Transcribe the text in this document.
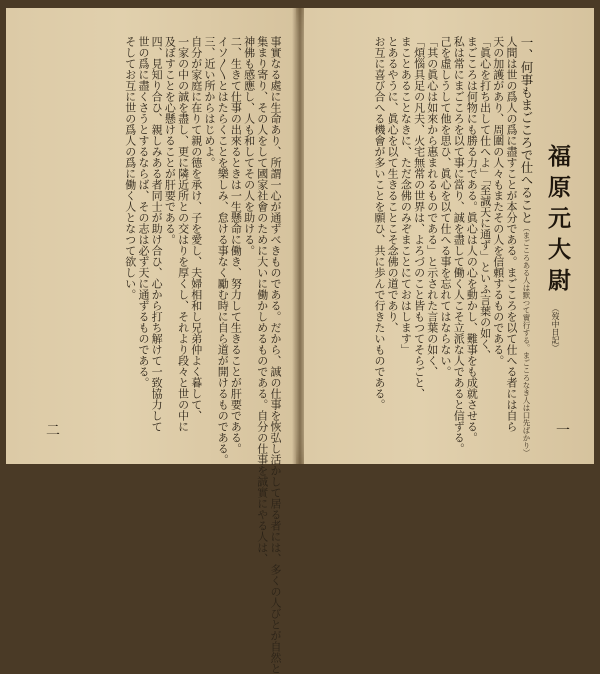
事實なる處に生命あり、所謂一心が通ずべきものである。だから、誠の仕事を恢弘し活かして居る者には、多くの人びとが自然と

集まり寄り、その人をして國家社會のために大いに働かしめるものである。自分の仕事を誠實にやる人は、

神佛も感應し、人も和してその人を助ける。

二、生きて仕事の出來るときは一生懸命に働き、努力して生きることが肝要である。

イソ〳〵とはたらくことを樂しみ、怠ける事なく勵む時に自ら道が開けるものである。

三、近い所からはじめよ。

自分が家庭に在りて親の德を承け、子を愛し、夫婦相和し兄弟仲よく暮して、

一家の中の誠を盡し、更に隣近所との交はりを厚くし、それより段々と世の中に

及ぼすことを心懸けることが肝要である。

四、見知り合ひ、親しみある者同士が助け合ひ、心から打ち解けて一致協力して

世の爲に盡くさうとするならば、その志は必ず天に通ずるものである。

そしてお互に世の爲人の爲に働く人となつて欲しい。

二
福原元大尉
（歿中日記）

一、何事もまごころで仕へること（まごころある人は默つて實行する。まごころなき人は口先ばかり）

人間は世の爲人の爲に盡すことが本分である。まごころを以て仕へる者には自ら

天の加護があり、周圍の人々もまたその人を信頼するものである。

「眞心を打ち出して仕へよ」「至誠天に通ず」といふ言葉の如く、

まごころは何物にも勝る力である。眞心は人の心を動かし、難事をも成就させる。

私は常にまごころを以て事に當り、誠を盡して働く人こそ立派な人であると信ずる。

己を虛しうして他を思ひ、眞心を以て仕へる事を忘れてはならない。

「其の眞心は如來から惠まれるものである」と示された言葉の如く、

「煩惱具足の凡夫、火宅無常の世界は、よろづのこと皆もつてそらごと、

まことあることなきに、ただ念佛のみぞまことにておはします」

とあるやうに、眞心を以て生きることこそ念佛の道であり、

お互に喜び合へる機會が多いことを願ひ、共に歩んで行きたいものである。

一
